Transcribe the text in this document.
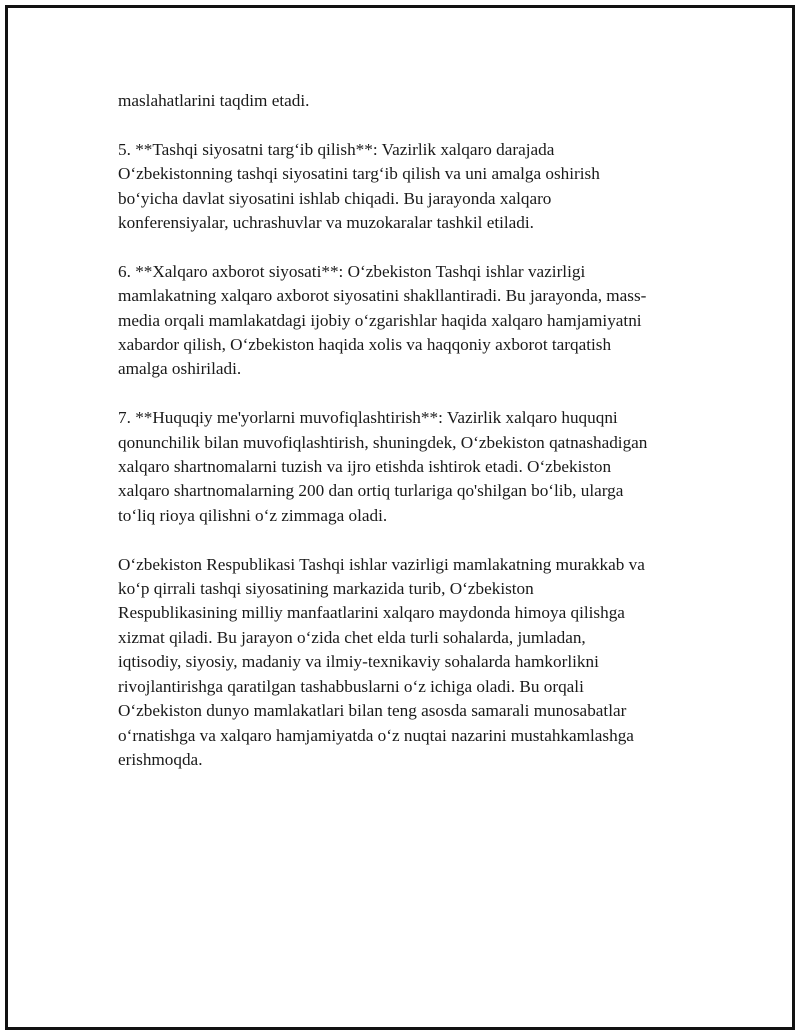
maslahatlarini taqdim etadi.

5. **Tashqi siyosatni targ‘ib qilish**: Vazirlik xalqaro darajada
O‘zbekistonning tashqi siyosatini targ‘ib qilish va uni amalga oshirish
bo‘yicha davlat siyosatini ishlab chiqadi. Bu jarayonda xalqaro
konferensiyalar, uchrashuvlar va muzokaralar tashkil etiladi.

6. **Xalqaro axborot siyosati**: O‘zbekiston Tashqi ishlar vazirligi
mamlakatning xalqaro axborot siyosatini shakllantiradi. Bu jarayonda, mass-
media orqali mamlakatdagi ijobiy o‘zgarishlar haqida xalqaro hamjamiyatni
xabardor qilish, O‘zbekiston haqida xolis va haqqoniy axborot tarqatish
amalga oshiriladi.

7. **Huquqiy me'yorlarni muvofiqlashtirish**: Vazirlik xalqaro huquqni
qonunchilik bilan muvofiqlashtirish, shuningdek, O‘zbekiston qatnashadigan
xalqaro shartnomalarni tuzish va ijro etishda ishtirok etadi. O‘zbekiston
xalqaro shartnomalarning 200 dan ortiq turlariga qo'shilgan bo‘lib, ularga
to‘liq rioya qilishni o‘z zimmaga oladi.

O‘zbekiston Respublikasi Tashqi ishlar vazirligi mamlakatning murakkab va
ko‘p qirrali tashqi siyosatining markazida turib, O‘zbekiston
Respublikasining milliy manfaatlarini xalqaro maydonda himoya qilishga
xizmat qiladi. Bu jarayon o‘zida chet elda turli sohalarda, jumladan,
iqtisodiy, siyosiy, madaniy va ilmiy-texnikaviy sohalarda hamkorlikni
rivojlantirishga qaratilgan tashabbuslarni o‘z ichiga oladi. Bu orqali
O‘zbekiston dunyo mamlakatlari bilan teng asosda samarali munosabatlar
o‘rnatishga va xalqaro hamjamiyatda o‘z nuqtai nazarini mustahkamlashga
erishmoqda.
